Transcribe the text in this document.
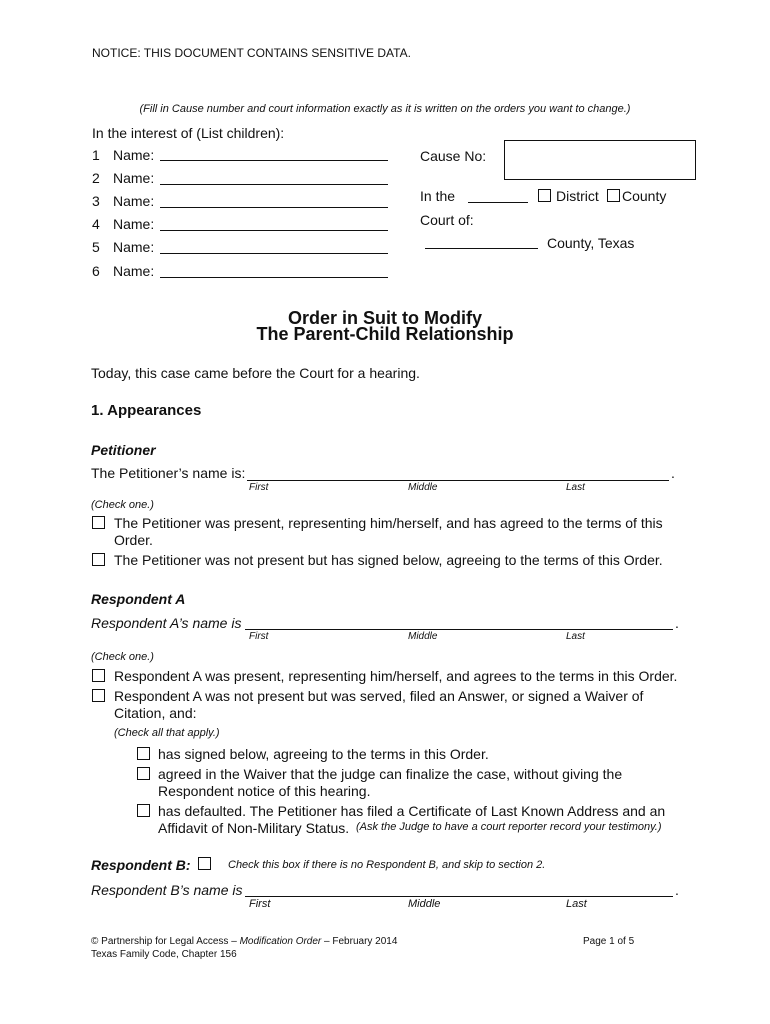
NOTICE: THIS DOCUMENT CONTAINS SENSITIVE DATA.
(Fill in Cause number and court information exactly as it is written on the orders you want to change.)
In the interest of (List children):
1 Name:
2 Name:
3 Name:
4 Name:
5 Name:
6 Name:
Cause No:
In the	District County
Court of:
County, Texas
Order in Suit to Modify
The Parent-Child Relationship
Today, this case came before the Court for a hearing.
1. Appearances
Petitioner
The Petitioner’s name is:	.
First	Middle	Last
(Check one.)
The Petitioner was present, representing him/herself, and has agreed to the terms of this
Order.
The Petitioner was not present but has signed below, agreeing to the terms of this Order.
Respondent A
Respondent A’s name is	.
First	Middle	Last
(Check one.)
Respondent A was present, representing him/herself, and agrees to the terms in this Order.
Respondent A was not present but was served, filed an Answer, or signed a Waiver of
Citation, and:
(Check all that apply.)
has signed below, agreeing to the terms in this Order.
agreed in the Waiver that the judge can finalize the case, without giving the
Respondent notice of this hearing.
has defaulted. The Petitioner has filed a Certificate of Last Known Address and an
Affidavit of Non-Military Status. (Ask the Judge to have a court reporter record your testimony.)
Respondent B:	Check this box if there is no Respondent B, and skip to section 2.
Respondent B’s name is	.
First	Middle	Last
© Partnership for Legal Access – Modification Order – February 2014
Texas Family Code, Chapter 156
Page 1 of 5
